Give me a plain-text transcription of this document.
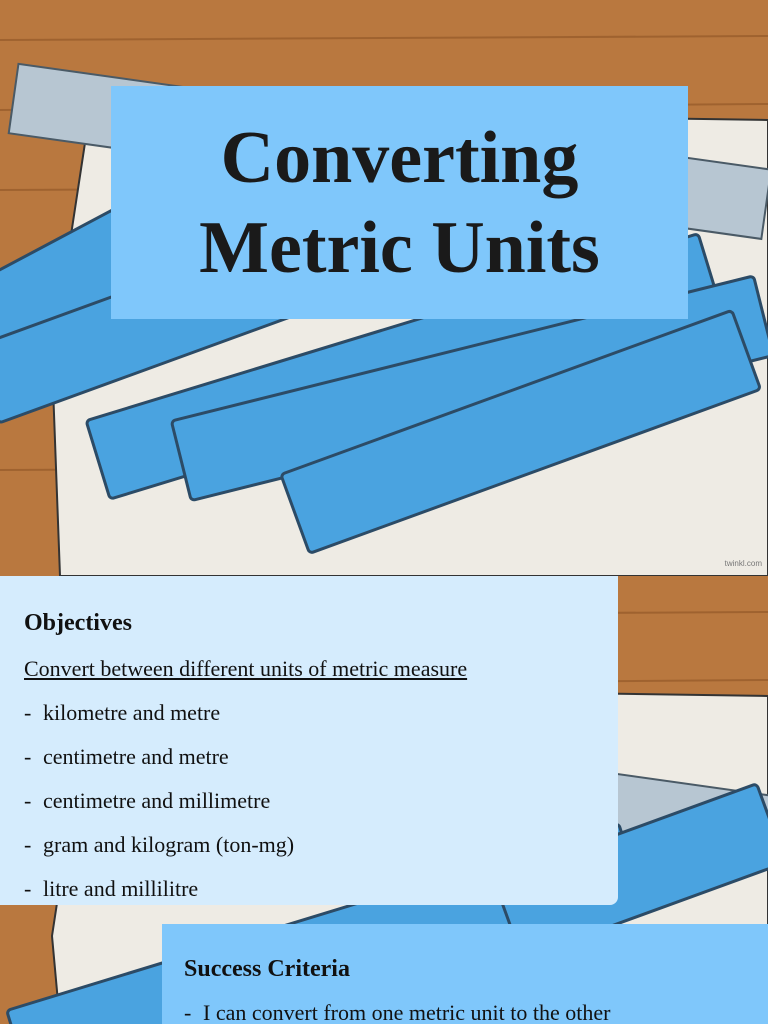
Converting
Metric Units
twinkl.com

Objectives

Convert between different units of metric measure

- kilometre and metre
- centimetre and metre
- centimetre and millimetre
- gram and kilogram (ton-mg)
- litre and millilitre

Success Criteria

- I can convert from one metric unit to the other
